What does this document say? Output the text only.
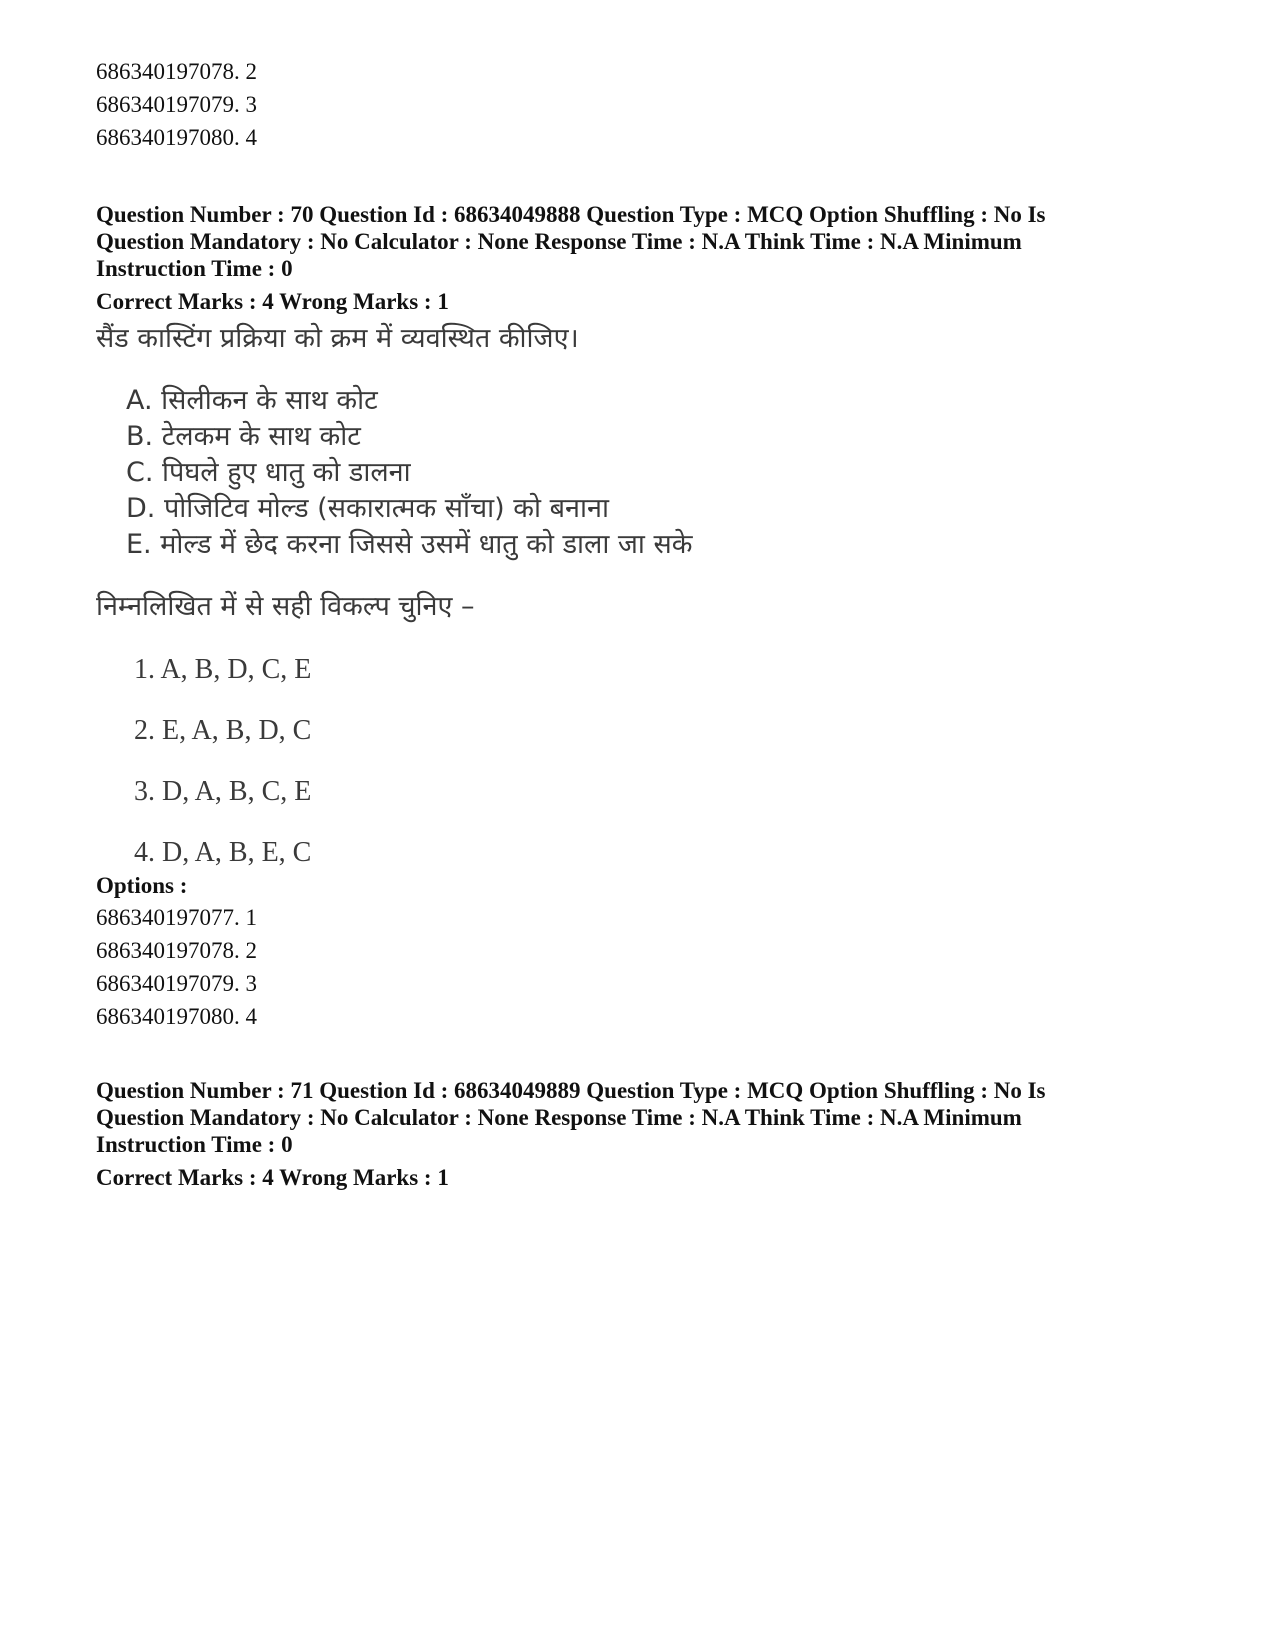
686340197078. 2
686340197079. 3
686340197080. 4
Question Number : 70 Question Id : 68634049888 Question Type : MCQ Option Shuffling : No Is
Question Mandatory : No Calculator : None Response Time : N.A Think Time : N.A Minimum
Instruction Time : 0
Correct Marks : 4 Wrong Marks : 1
सैंड कास्टिंग प्रक्रिया को क्रम में व्यवस्थित कीजिए।
A. सिलीकन के साथ कोट
B. टेलकम के साथ कोट
C. पिघले हुए धातु को डालना
D. पोजिटिव मोल्ड (सकारात्मक साँचा) को बनाना
E. मोल्ड में छेद करना जिससे उसमें धातु को डाला जा सके
निम्नलिखित में से सही विकल्प चुनिए –
1. A, B, D, C, E
2. E, A, B, D, C
3. D, A, B, C, E
4. D, A, B, E, C
Options :
686340197077. 1
686340197078. 2
686340197079. 3
686340197080. 4
Question Number : 71 Question Id : 68634049889 Question Type : MCQ Option Shuffling : No Is
Question Mandatory : No Calculator : None Response Time : N.A Think Time : N.A Minimum
Instruction Time : 0
Correct Marks : 4 Wrong Marks : 1
